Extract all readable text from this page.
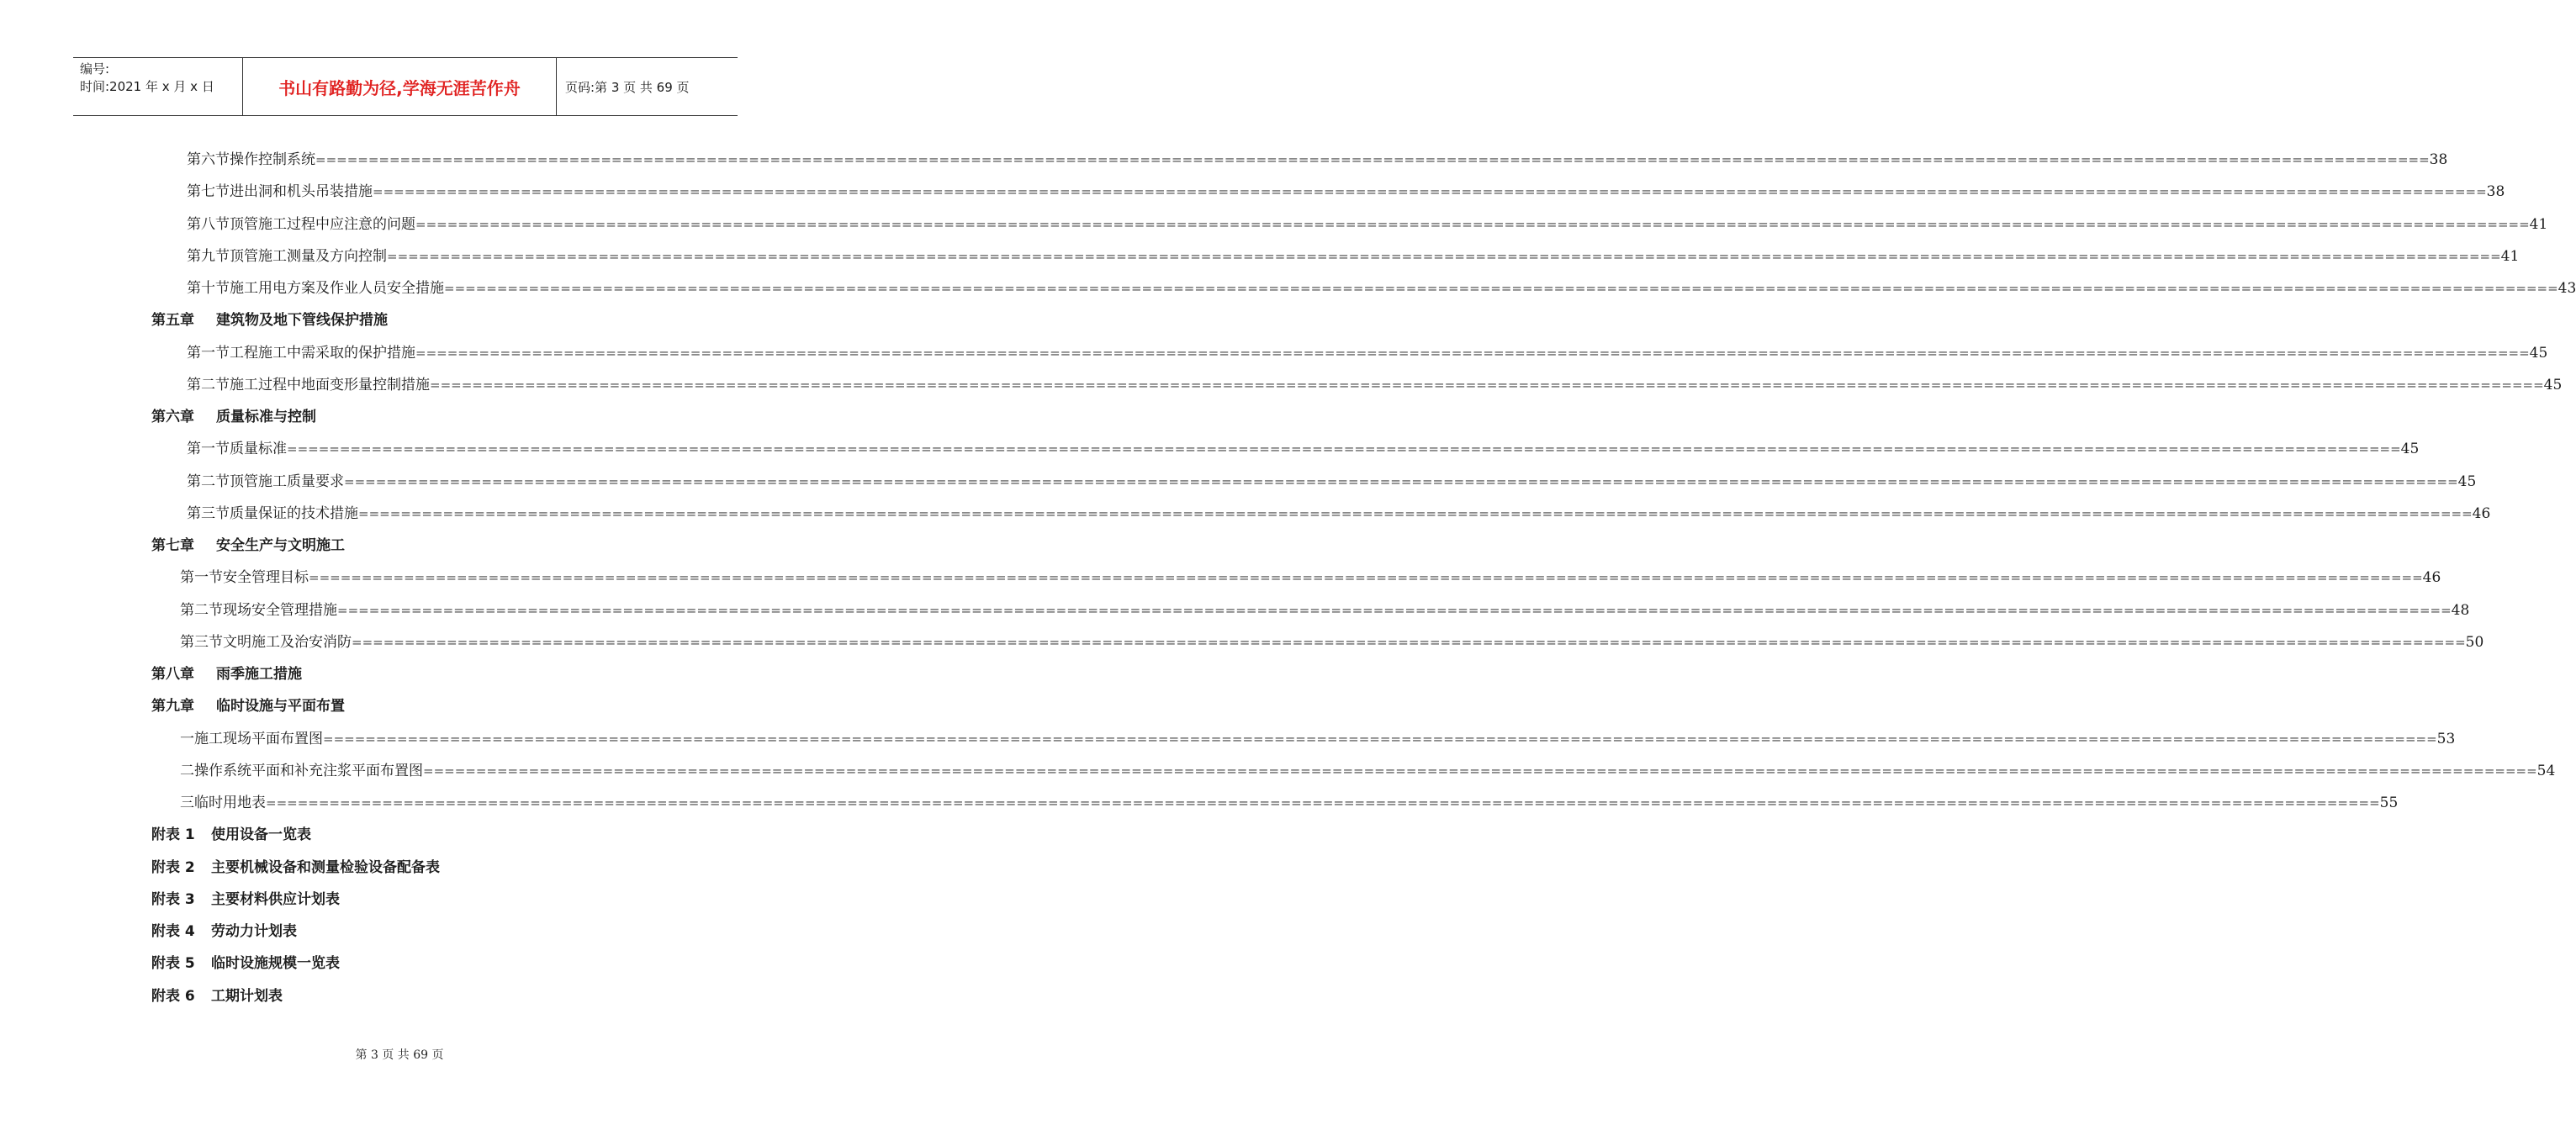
编号:
时间:2021 年 x 月 x 日	书山有路勤为径,学海无涯苦作舟	页码:第 3 页 共 69 页
第六节 操作控制系统 ======================================================================================================================================================================================================== 38
第七节 进出洞和机头吊装措施 ======================================================================================================================================================================================================== 38
第八节 顶管施工过程中应注意的问题 ======================================================================================================================================================================================================== 41
第九节 顶管施工测量及方向控制 ======================================================================================================================================================================================================== 41
第十节 施工用电方案及作业人员安全措施 ======================================================================================================================================================================================================== 43
第五章 建筑物及地下管线保护措施
第一节 工程施工中需采取的保护措施 ======================================================================================================================================================================================================== 45
第二节 施工过程中地面变形量控制措施 ======================================================================================================================================================================================================== 45
第六章 质量标准与控制
第一节 质量标准 ======================================================================================================================================================================================================== 45
第二节 顶管施工质量要求 ======================================================================================================================================================================================================== 45
第三节 质量保证的技术措施 ======================================================================================================================================================================================================== 46
第七章 安全生产与文明施工
第一节 安全管理目标 ======================================================================================================================================================================================================== 46
第二节 现场安全管理措施 ======================================================================================================================================================================================================== 48
第三节 文明施工及治安消防 ======================================================================================================================================================================================================== 50
第八章 雨季施工措施
第九章 临时设施与平面布置
一 施工现场平面布置图 ======================================================================================================================================================================================================== 53
二 操作系统平面和补充注浆平面布置图 ======================================================================================================================================================================================================== 54
三 临时用地表 ======================================================================================================================================================================================================== 55
附表 1 使用设备一览表
附表 2 主要机械设备和测量检验设备配备表
附表 3 主要材料供应计划表
附表 4 劳动力计划表
附表 5 临时设施规模一览表
附表 6 工期计划表
第 3 页 共 69 页
